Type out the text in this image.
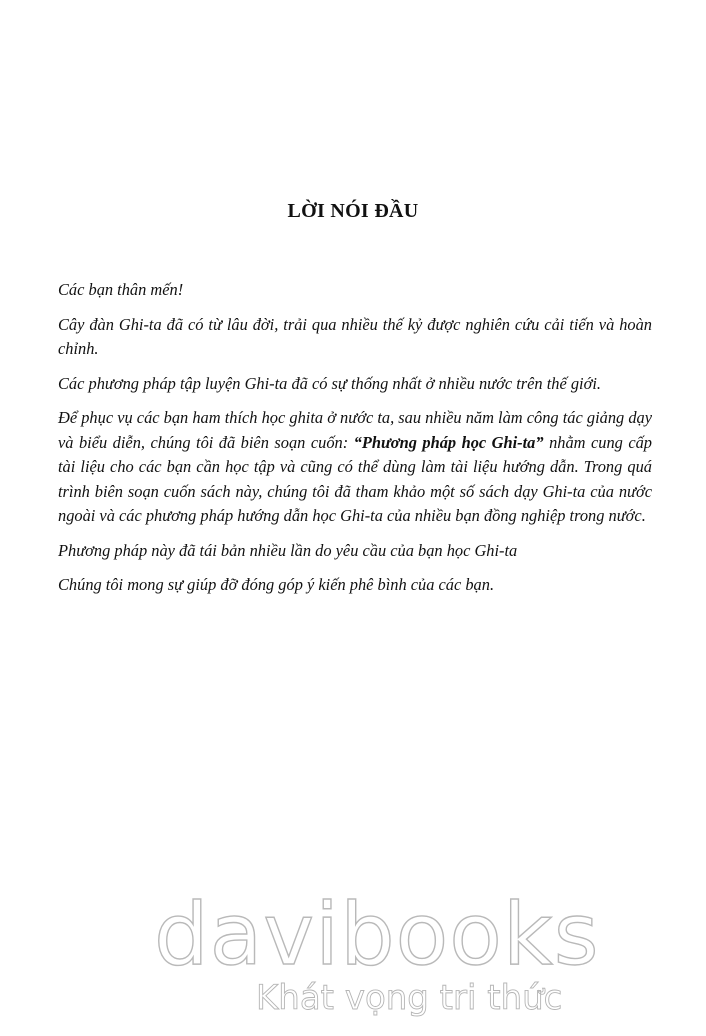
LỜI NÓI ĐẦU

Các bạn thân mến!

Cây đàn Ghi-ta đã có từ lâu đời, trải qua nhiều thế kỷ được nghiên cứu cải tiến và hoàn chỉnh.

Các phương pháp tập luyện Ghi-ta đã có sự thống nhất ở nhiều nước trên thế giới.

Để phục vụ các bạn ham thích học ghita ở nước ta, sau nhiều năm làm công tác giảng dạy và biểu diễn, chúng tôi đã biên soạn cuốn: “Phương pháp học Ghi-ta” nhằm cung cấp tài liệu cho các bạn cần học tập và cũng có thể dùng làm tài liệu hướng dẫn. Trong quá trình biên soạn cuốn sách này, chúng tôi đã tham khảo một số sách dạy Ghi-ta của nước ngoài và các phương pháp hướng dẫn học Ghi-ta của nhiều bạn đồng nghiệp trong nước.

Phương pháp này đã tái bản nhiều lần do yêu cầu của bạn học Ghi-ta

Chúng tôi mong sự giúp đỡ đóng góp ý kiến phê bình của các bạn.

davibooks
Khát vọng tri thức
